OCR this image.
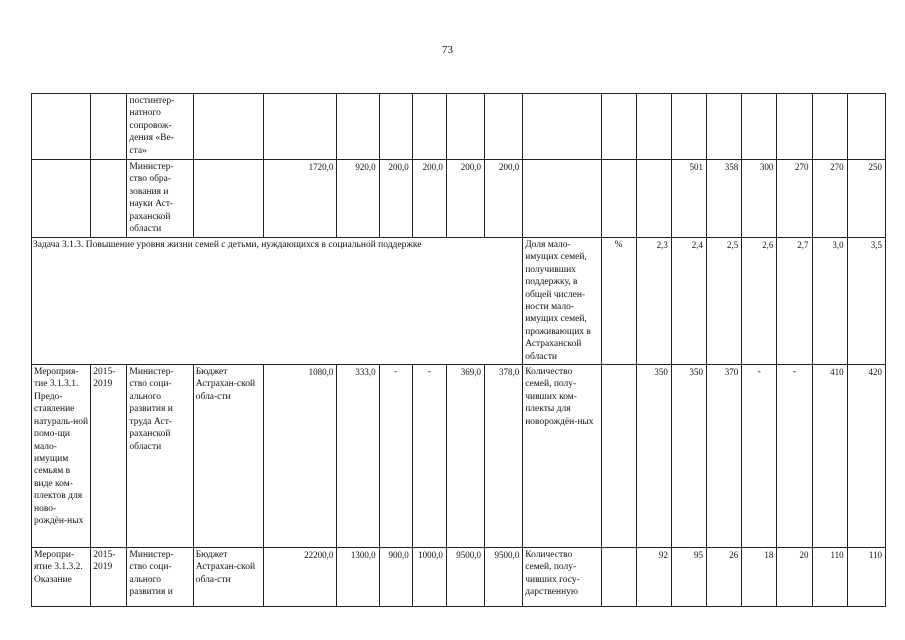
73
		постинтер-натного сопровож-дения «Ве-ста»																
		Министер-ство обра-зования и науки Аст-раханской области		1720,0	920,0	200,0	200,0	200,0	200,0				501	358	300	270	270	250
Задача 3.1.3. Повышение уровня жизни семей с детьми, нуждающихся в социальной поддержке										Доля мало-имущих семей, получивших поддержку, в общей числен-ности мало-имущих семей, проживающих в Астраханской области	%	2,3	2,4	2,5	2,6	2,7	3,0	3,5
Мероприя-тие 3.1.3.1. Предо-ставление натураль-ной помо-щи мало-имущим семьям в виде ком-плектов для ново-рождён-ных	2015-2019	Министер-ство соци-ального развития и труда Аст-раханской области	Бюджет Астрахан-ской обла-сти	1080,0	333,0	-	-	369,0	378,0	Количество семей, полу-чивших ком-плекты для новорождён-ных		350	350	370	-	-	410	420
Меропри-ятие 3.1.3.2. Оказание	2015-2019	Министер-ство соци-ального развития и	Бюджет Астрахан-ской обла-сти	22200,0	1300,0	900,0	1000,0	9500,0	9500,0	Количество семей, полу-чивших госу-дарственную		92	95	26	18	20	110	110
